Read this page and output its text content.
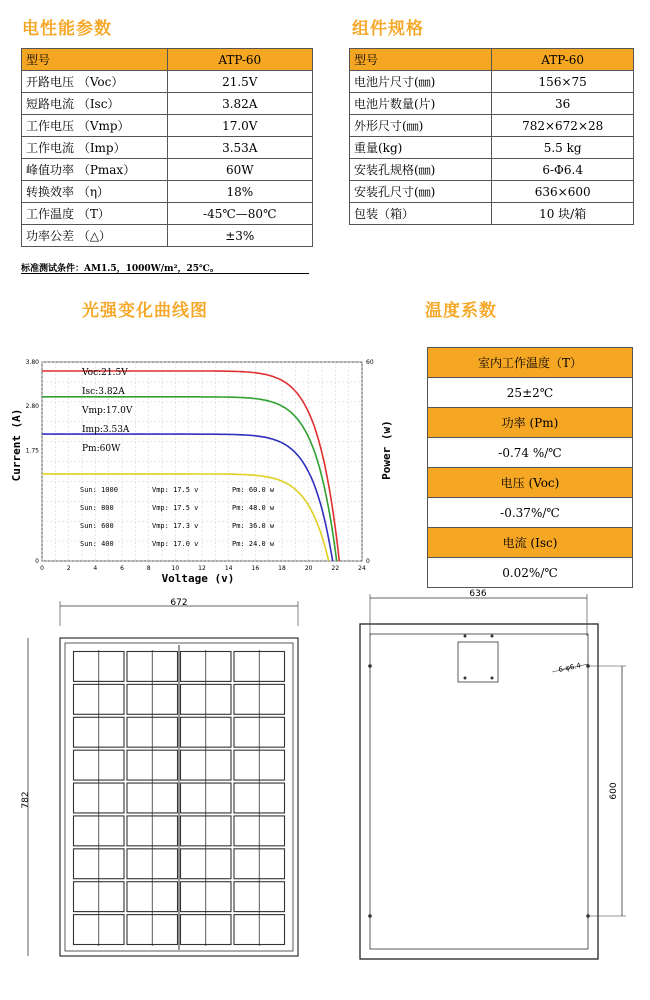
电性能参数	组件规格
光强变化曲线图	温度系数
型号	ATP-60
开路电压 （Voc）	21.5V
短路电流 （Isc）	3.82A
工作电压 （Vmp）	17.0V
工作电流 （Imp）	3.53A
峰值功率 （Pmax）	60W
转换效率 （η）	18%
工作温度 （T）	-45℃—80℃
功率公差 （△）	±3%
标准测试条件：AM1.5，1000W/m²，25℃。
型号	ATP-60
电池片尺寸(㎜)	156×75
电池片数量(片)	36
外形尺寸(㎜)	782×672×28
重量(kg)	5.5 kg
安装孔规格(㎜)	6-Φ6.4
安装孔尺寸(㎜)	636×600
包装（箱）	10 块/箱
室内工作温度（T）
25±2℃
功率 (Pm)
-0.74 %/℃
电压 (Voc)
-0.37%/℃
电流 (Isc)
0.02%/℃
Current (A)	Power (w)
Voltage (v)
0	2	4	6	8	10	12	14	16	18	20	22	24
0
1.75
2.80
3.80
0
60
Voc:21.5V
Isc:3.82A
Vmp:17.0V
Imp:3.53A
Pm:60W
Sun: 1000	Vmp: 17.5 v	Pm: 60.0 w
Sun: 800	Vmp: 17.5 v	Pm: 48.0 w
Sun: 600	Vmp: 17.3 v	Pm: 36.0 w
Sun: 400	Vmp: 17.0 v	Pm: 24.0 w
672
782
636
600
6-φ6.4
